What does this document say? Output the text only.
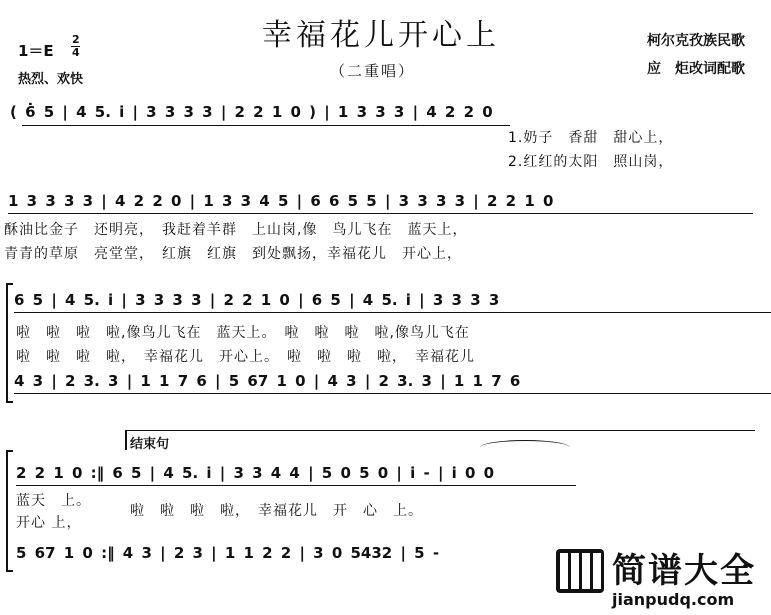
幸福花儿开心上
（二重唱）
1＝E
2
4
热烈、欢快
柯尔克孜族民歌
应　炬改词配歌
( 6̇ 5 | 4 5. i | 3 3 3 3 | 2 2 1 0 ) | 1 3 3 3 | 4 2 2 0
1.奶子　香甜　甜心上，
2.红红的太阳　照山岗，
1 3 3 3 3 | 4 2 2 0 | 1 3 3 4 5 | 6 6 5 5 | 3 3 3 3 | 2 2 1 0
酥油比金子　还明亮，　我赶着羊群　上山岗,像　鸟儿飞在　蓝天上，
青青的草原　亮堂堂，　红旗　红旗　到处飘扬，幸福花儿　开心上，
6 5 | 4 5. i | 3 3 3 3 | 2 2 1 0 | 6 5 | 4 5. i | 3 3 3 3
啦　啦　啦　啦,像鸟儿飞在　蓝天上。　啦　啦　啦　啦,像鸟儿飞在
啦　啦　啦　啦，　幸福花儿　开心上。　啦　啦　啦　啦，　幸福花儿
4 3 | 2 3. 3 | 1 1 7 6 | 5 67 1 0 | 4 3 | 2 3. 3 | 1 1 7 6
结束句
2 2 1 0 :‖ 6 5 | 4 5. i | 3 3 4 4 | 5 0 5 0 | i - | i 0 0
蓝天　上。
开心 上，
啦　啦　啦　啦，　幸福花儿　开　心　上。
5 67 1 0 :‖ 4 3 | 2 3 | 1 1 2 2 | 3 0 5432 | 5 -	简谱大全
jianpudq.com
